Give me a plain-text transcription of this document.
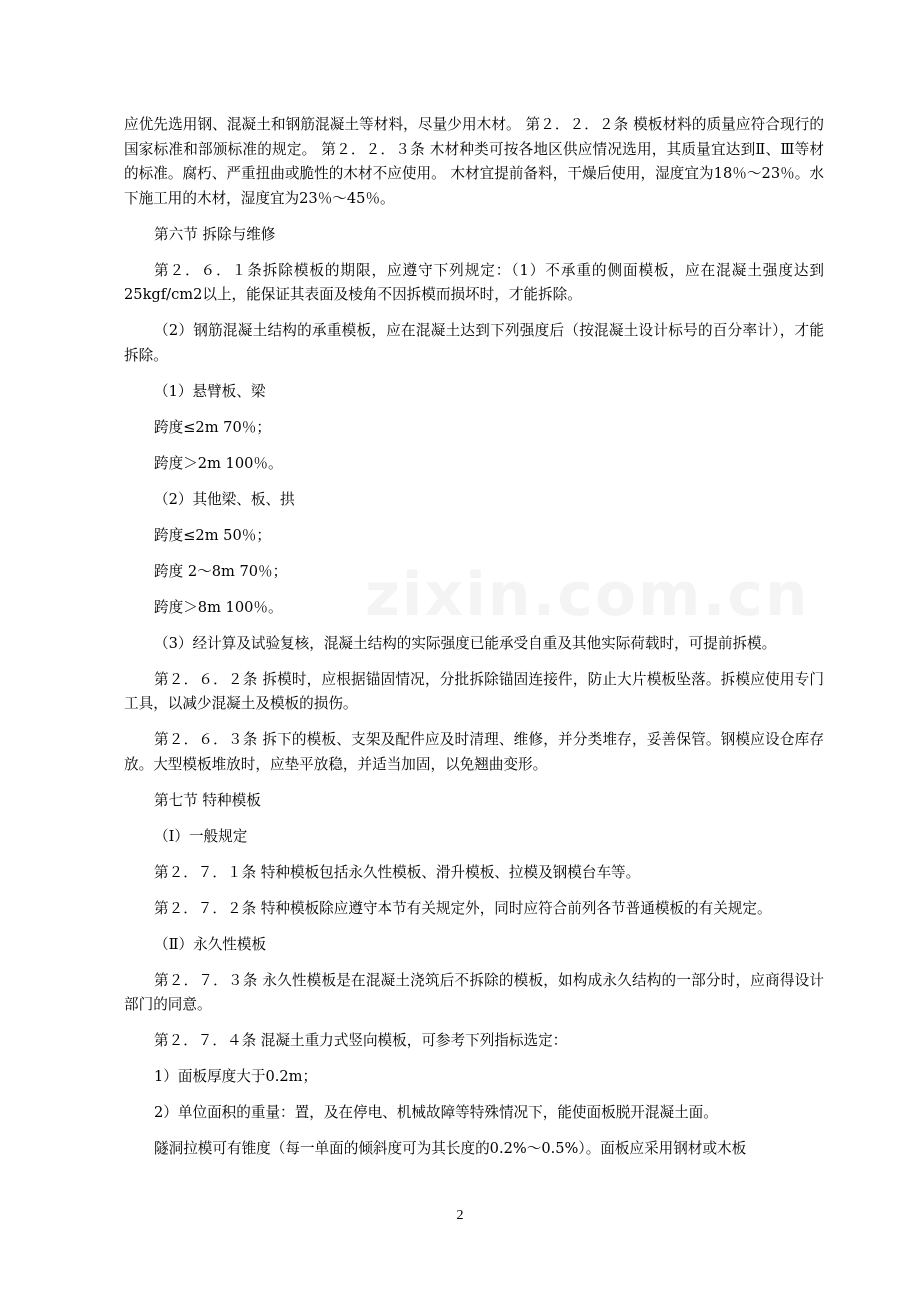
应优先选用钢、混凝土和钢筋混凝土等材料，尽量少用木材。 第２．２．２条 模板材料的质量应符合现行的国家标准和部颁标准的规定。 第２．２．３条 木材种类可按各地区供应情况选用，其质量宜达到Ⅱ、Ⅲ等材的标准。腐朽、严重扭曲或脆性的木材不应使用。 木材宜提前备料，干燥后使用，湿度宜为18％～23％。水下施工用的木材，湿度宜为23％～45％。

第六节 拆除与维修

第２．６．１条拆除模板的期限，应遵守下列规定：（1）不承重的侧面模板，应在混凝土强度达到25kgf/cm2以上，能保证其表面及棱角不因拆模而损坏时，才能拆除。

（2）钢筋混凝土结构的承重模板，应在混凝土达到下列强度后（按混凝土设计标号的百分率计），才能拆除。

（1）悬臂板、梁

跨度≤2m 70％；

跨度＞2m 100％。

（2）其他梁、板、拱

跨度≤2m 50％；

跨度 2～8m 70％；

跨度＞8m 100％。

（3）经计算及试验复核，混凝土结构的实际强度已能承受自重及其他实际荷载时，可提前拆模。

第２．６．２条 拆模时，应根据锚固情况，分批拆除锚固连接件，防止大片模板坠落。拆模应使用专门工具，以减少混凝土及模板的损伤。

第２．６．３条 拆下的模板、支架及配件应及时清理、维修，并分类堆存，妥善保管。钢模应设仓库存放。大型模板堆放时，应垫平放稳，并适当加固，以免翘曲变形。

第七节 特种模板

（Ⅰ）一般规定

第２．７．１条 特种模板包括永久性模板、滑升模板、拉模及钢模台车等。

第２．７．２条 特种模板除应遵守本节有关规定外，同时应符合前列各节普通模板的有关规定。

（Ⅱ）永久性模板

第２．７．３条 永久性模板是在混凝土浇筑后不拆除的模板，如构成永久结构的一部分时，应商得设计部门的同意。

第２．７．４条 混凝土重力式竖向模板，可参考下列指标选定：

1）面板厚度大于0.2m；

2）单位面积的重量：置，及在停电、机械故障等特殊情况下，能使面板脱开混凝土面。

隧洞拉模可有锥度（每一单面的倾斜度可为其长度的0.2%～0.5%）。面板应采用钢材或木板

2
